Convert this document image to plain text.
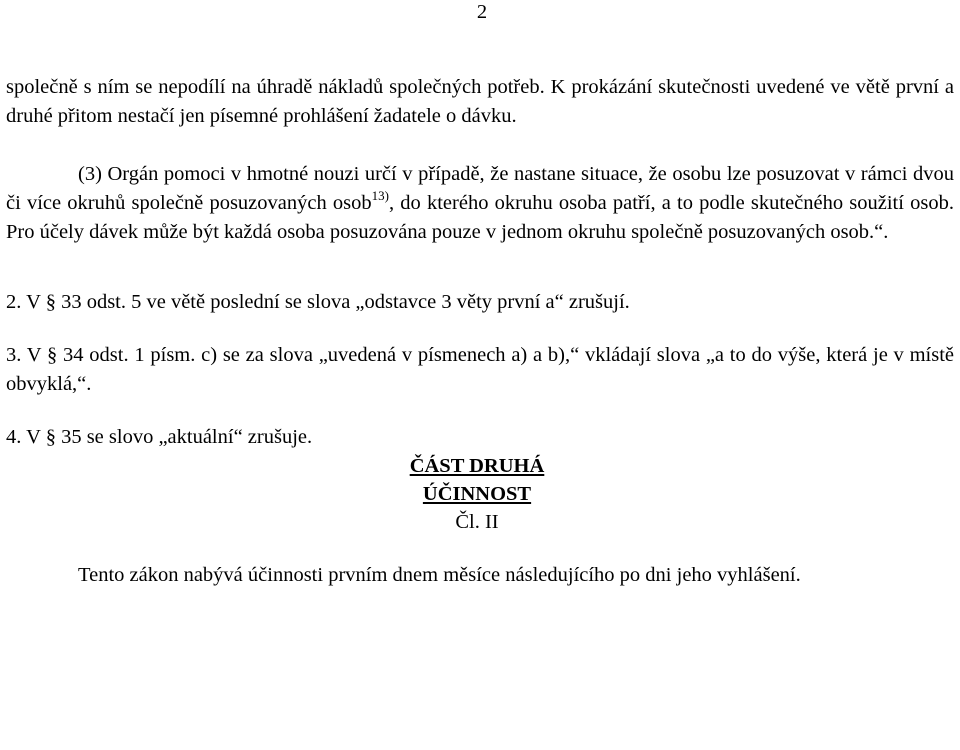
2

společně s ním se nepodílí na úhradě nákladů společných potřeb. K prokázání skutečnosti uvedené ve větě první a druhé přitom nestačí jen písemné prohlášení žadatele o dávku.

(3) Orgán pomoci v hmotné nouzi určí v případě, že nastane situace, že osobu lze posuzovat v rámci dvou či více okruhů společně posuzovaných osob$^{13)}$, do kterého okruhu osoba patří, a to podle skutečného soužití osob. Pro účely dávek může být každá osoba posuzována pouze v jednom okruhu společně posuzovaných osob.“.

2. V § 33 odst. 5 ve větě poslední se slova „odstavce 3 věty první a“ zrušují.

3. V § 34 odst. 1 písm. c) se za slova „uvedená v písmenech a) a b),“ vkládají slova „a to do výše, která je v místě obvyklá,“.

4. V § 35 se slovo „aktuální“ zrušuje.

ČÁST DRUHÁ

ÚČINNOST

Čl. II

Tento zákon nabývá účinnosti prvním dnem měsíce následujícího po dni jeho vyhlášení.
